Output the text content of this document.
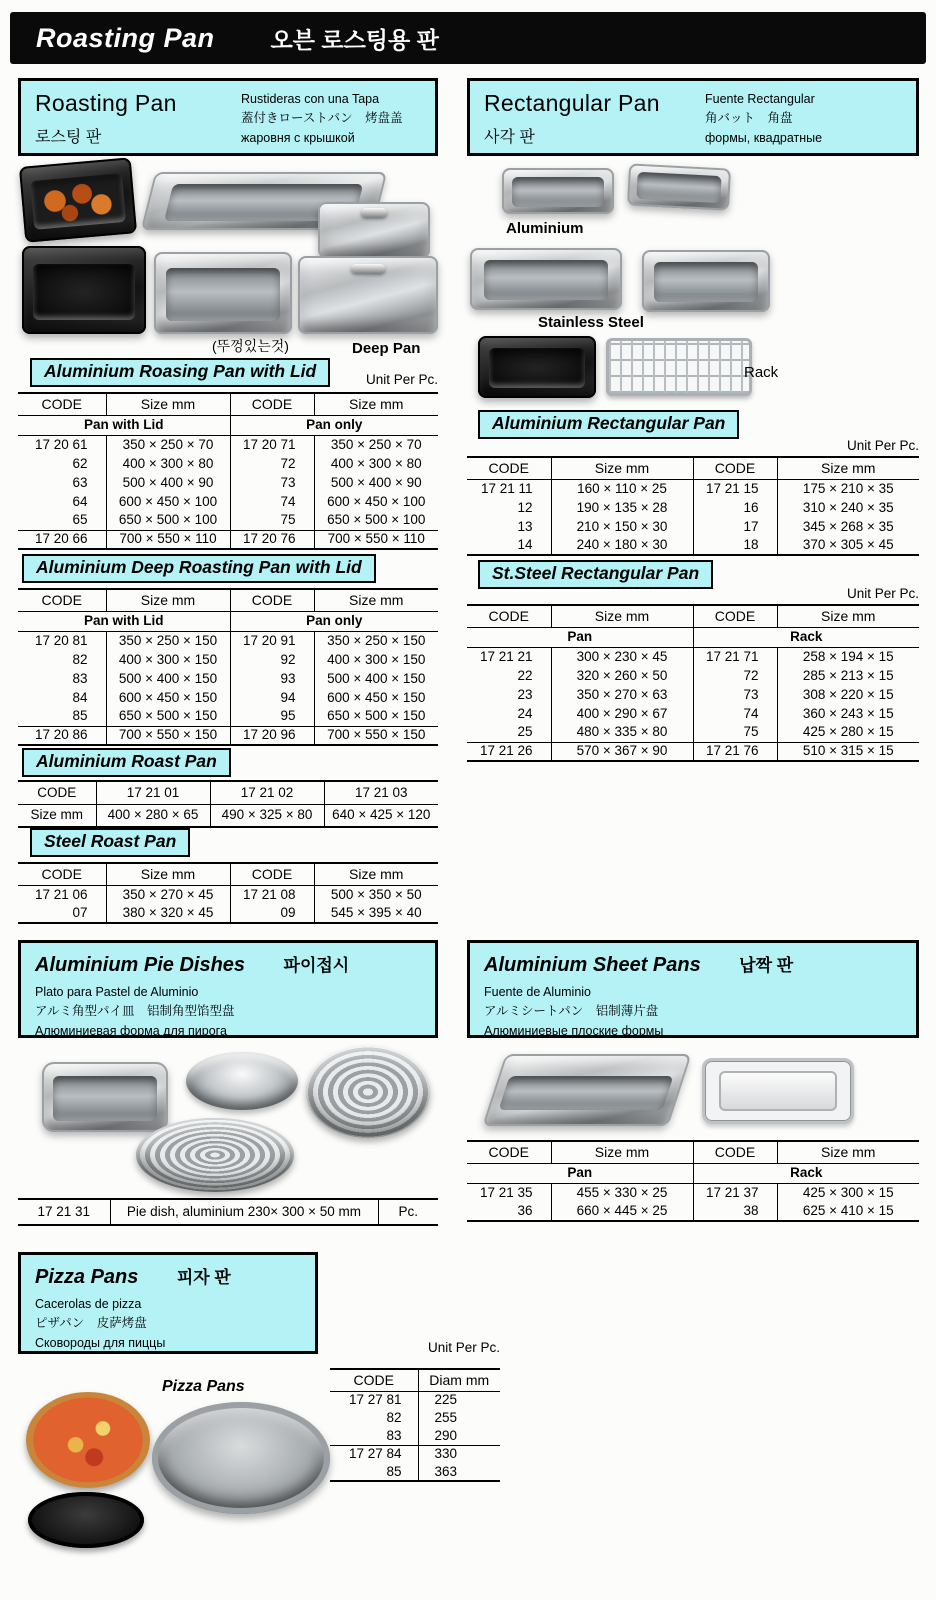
Roasting Pan 오븐 로스팅용 판
Roasting Pan
로스팅 판
Rustideras con una Tapa
蓋付きローストパン　烤盘盖
жаровня с крышкой
(뚜껑있는것)	Deep Pan
Aluminium Roasing Pan with Lid	Unit Per Pc.
CODE	Size mm	CODE	Size mm
Pan with Lid		Pan only	
17 20 61	350 × 250 × 70	17 20 71	350 × 250 × 70
62	400 × 300 × 80	72	400 × 300 × 80
63	500 × 400 × 90	73	500 × 400 × 90
64	600 × 450 × 100	74	600 × 450 × 100
65	650 × 500 × 100	75	650 × 500 × 100
17 20 66	700 × 550 × 110	17 20 76	700 × 550 × 110
Aluminium Deep Roasting Pan with Lid
CODE	Size mm	CODE	Size mm
Pan with Lid		Pan only	
17 20 81	350 × 250 × 150	17 20 91	350 × 250 × 150
82	400 × 300 × 150	92	400 × 300 × 150
83	500 × 400 × 150	93	500 × 400 × 150
84	600 × 450 × 150	94	600 × 450 × 150
85	650 × 500 × 150	95	650 × 500 × 150
17 20 86	700 × 550 × 150	17 20 96	700 × 550 × 150
Aluminium Roast Pan
CODE	17 21 01	17 21 02	17 21 03
Size mm	400 × 280 × 65	490 × 325 × 80	640 × 425 × 120
Steel Roast Pan
CODE	Size mm	CODE	Size mm
17 21 06	350 × 270 × 45	17 21 08	500 × 350 × 50
07	380 × 320 × 45	09	545 × 395 × 40
Rectangular Pan
사각 판
Fuente Rectangular
角バット　角盘
формы, квадратные
Aluminium
Stainless Steel
Rack
Aluminium Rectangular Pan
Unit Per Pc.
CODE	Size mm	CODE	Size mm
17 21 11	160 × 110 × 25	17 21 15	175 × 210 × 35
12	190 × 135 × 28	16	310 × 240 × 35
13	210 × 150 × 30	17	345 × 268 × 35
14	240 × 180 × 30	18	370 × 305 × 45
St.Steel Rectangular Pan
Unit Per Pc.
CODE	Size mm	CODE	Size mm
Pan		Rack	
17 21 21	300 × 230 × 45	17 21 71	258 × 194 × 15
22	320 × 260 × 50	72	285 × 213 × 15
23	350 × 270 × 63	73	308 × 220 × 15
24	400 × 290 × 67	74	360 × 243 × 15
25	480 × 335 × 80	75	425 × 280 × 15
17 21 26	570 × 367 × 90	17 21 76	510 × 315 × 15
Aluminium Pie Dishes 파이접시
Plato para Pastel de Aluminio
アルミ角型パイ皿　铝制角型馅型盘
Алюминиевая форма для пирога
17 21 31	Pie dish, aluminium 230× 300 × 50 mm	Pc.
Aluminium Sheet Pans 납짝 판
Fuente de Aluminio
アルミシートパン　铝制薄片盘
Алюминиевые плоские формы
CODE	Size mm	CODE	Size mm
Pan		Rack	
17 21 35	455 × 330 × 25	17 21 37	425 × 300 × 15
36	660 × 445 × 25	38	625 × 410 × 15
Pizza Pans 피자 판
Cacerolas de pizza
ピザパン　皮萨烤盘
Сковороды для пиццы	Unit Per Pc.
Pizza Pans	CODE	Diam mm
17 27 81	225
82	255
83	290
17 27 84	330
85	363
